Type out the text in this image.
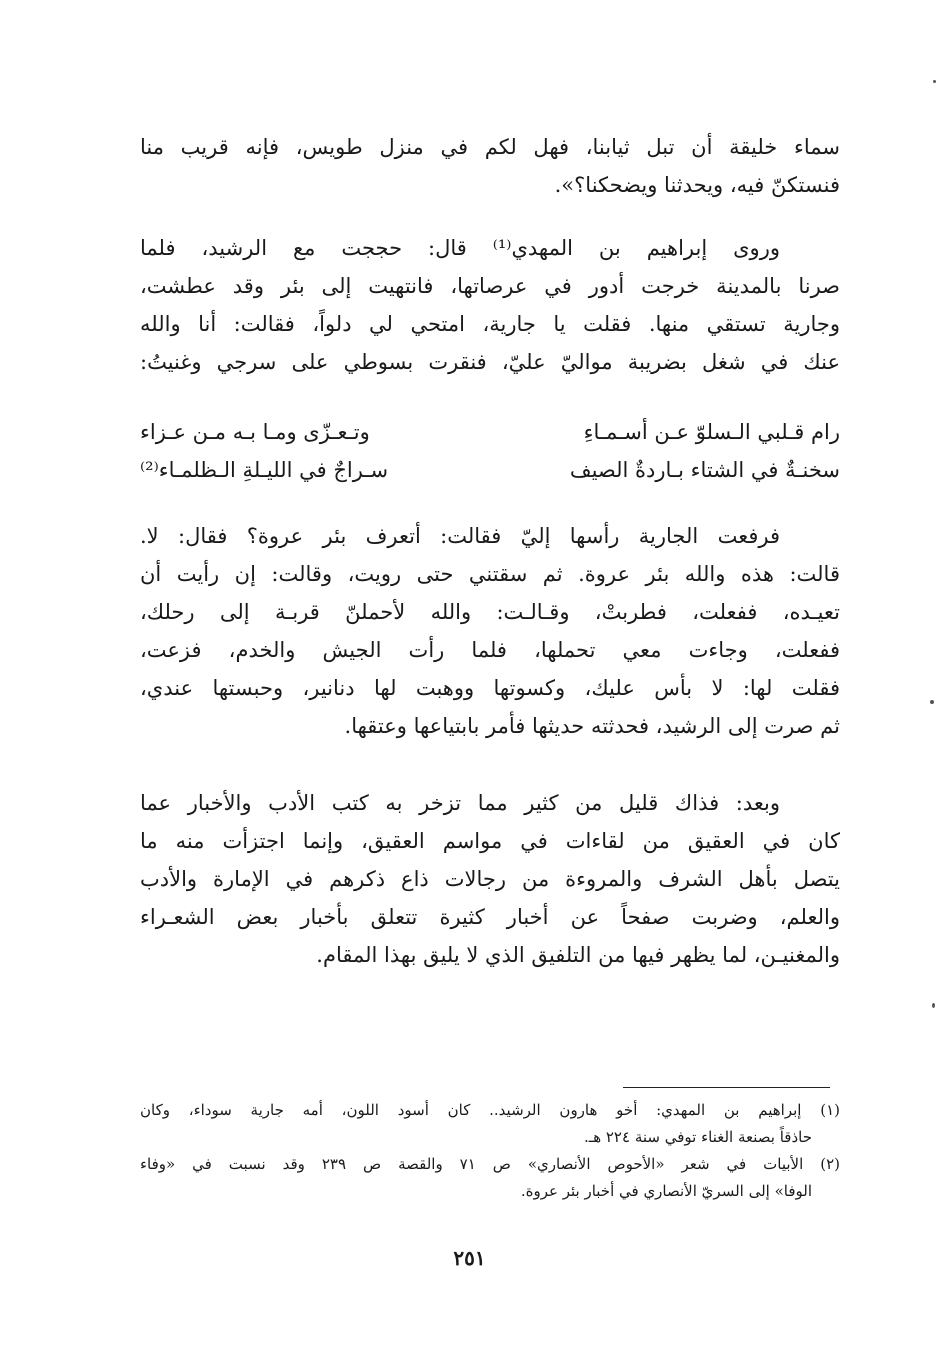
سماء خليقة أن تبل ثيابنا، فهل لكم في منزل طويس، فإنه قريب منا
فنستكنّ فيه، ويحدثنا ويضحكنا؟».
وروى إبراهيم بن المهدي⁽¹⁾ قال: حججت مع الرشيد، فلما
صرنا بالمدينة خرجت أدور في عرصاتها، فانتهيت إلى بئر وقد عطشت،
وجارية تستقي منها. فقلت يا جارية، امتحي لي دلواً، فقالت: أنا والله
عنك في شغل بضريبة مواليّ عليّ، فنقرت بسوطي على سرجي وغنيتُ:
رام قـلبي الـسلوّ عـن أسـمـاءِ
وتـعـزّى ومـا بـه مـن عـزاء
سخنـةٌ في الشتاء بـاردةٌ الصيف
سـراجٌ في الليـلةِ الـظلمـاء⁽²⁾
فرفعت الجارية رأسها إليّ فقالت: أتعرف بئر عروة؟ فقال: لا.
قالت: هذه والله بئر عروة. ثم سقتني حتى رويت، وقالت: إن رأيت أن
تعيـده، ففعلت، فطربتْ، وقـالـت: والله لأحملنّ قربـة إلى رحلك،
ففعلت، وجاءت معي تحملها، فلما رأت الجيش والخدم، فزعت،
فقلت لها: لا بأس عليك، وكسوتها ووهبت لها دنانير، وحبستها عندي،
ثم صرت إلى الرشيد، فحدثته حديثها فأمر بابتياعها وعتقها.
وبعد: فذاك قليل من كثير مما تزخر به كتب الأدب والأخبار عما
كان في العقيق من لقاءات في مواسم العقيق، وإنما اجتزأت منه ما
يتصل بأهل الشرف والمروءة من رجالات ذاع ذكرهم في الإمارة والأدب
والعلم، وضربت صفحاً عن أخبار كثيرة تتعلق بأخبار بعض الشعـراء
والمغنيـن، لما يظهر فيها من التلفيق الذي لا يليق بهذا المقام.
(١) إبراهيم بن المهدي: أخو هارون الرشيد.. كان أسود اللون، أمه جارية سوداء، وكان
حاذقاً بصنعة الغناء توفي سنة ٢٢٤ هـ.
(٢) الأبيات في شعر «الأحوص الأنصاري» ص ٧١ والقصة ص ٢٣٩ وقد نسبت في «وفاء
الوفا» إلى السريّ الأنصاري في أخبار بئر عروة.
٢٥١
